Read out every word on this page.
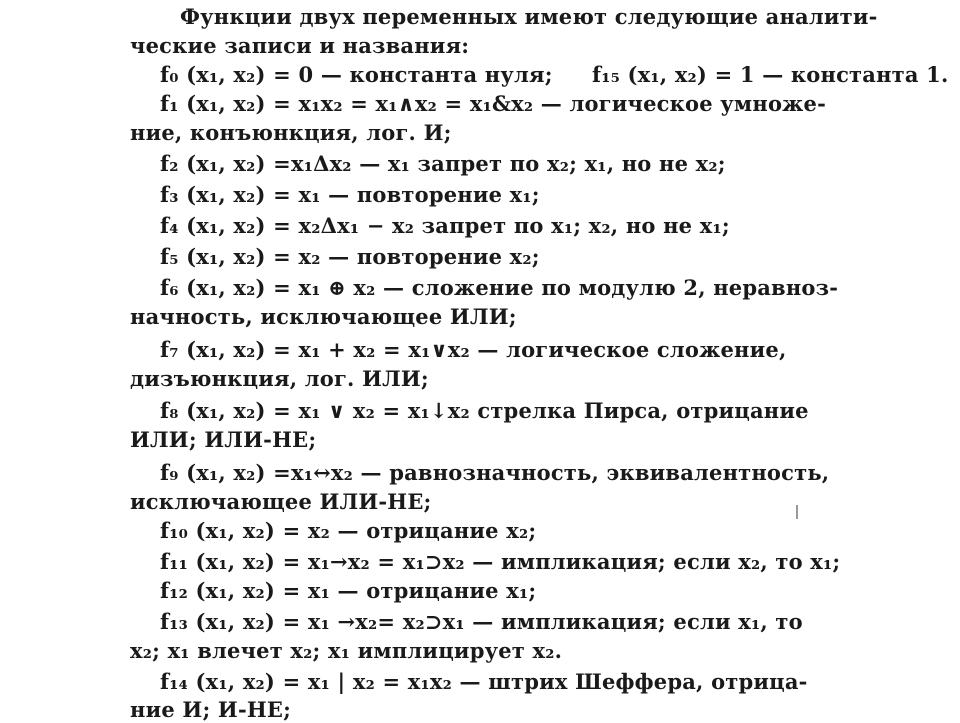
Функции двух переменных имеют следующие аналити-
ческие записи и названия:
f₀ (x₁, x₂) = 0 — константа нуля; f₁₅ (x₁, x₂) = 1 — константа 1.
f₁ (x₁, x₂) = x₁x₂ = x₁∧x₂ = x₁&x₂ — логическое умноже-
ние, конъюнкция, лог. И;
f₂ (x₁, x₂) =x₁Δx₂ — x₁ запрет по x₂; x₁, но не x₂;
f₃ (x₁, x₂) = x₁ — повторение x₁;
f₄ (x₁, x₂) = x₂Δx₁ − x₂ запрет по x₁; x₂, но не x₁;
f₅ (x₁, x₂) = x₂ — повторение x₂;
f₆ (x₁, x₂) = x₁ ⊕ x₂ — сложение по модулю 2, неравноз-
начность, исключающее ИЛИ;
f₇ (x₁, x₂) = x₁ + x₂ = x₁∨x₂ — логическое сложение,
дизъюнкция, лог. ИЛИ;
f₈ (x₁, x₂) = x₁ ∨ x₂ = x₁↓x₂ стрелка Пирса, отрицание
ИЛИ; ИЛИ-НЕ;
f₉ (x₁, x₂) =x₁↔x₂ — равнозначность, эквивалентность,
исключающее ИЛИ-НЕ;
f₁₀ (x₁, x₂) = x₂ — отрицание x₂;
f₁₁ (x₁, x₂) = x₁→x₂ = x₁⊃x₂ — импликация; если x₂, то x₁;
f₁₂ (x₁, x₂) = x₁ — отрицание x₁;
f₁₃ (x₁, x₂) = x₁ →x₂= x₂⊃x₁ — импликация; если x₁, то
x₂; x₁ влечет x₂; x₁ имплицирует x₂.
f₁₄ (x₁, x₂) = x₁ | x₂ = x₁x₂ — штрих Шеффера, отрица-
ние И; И-НЕ;
